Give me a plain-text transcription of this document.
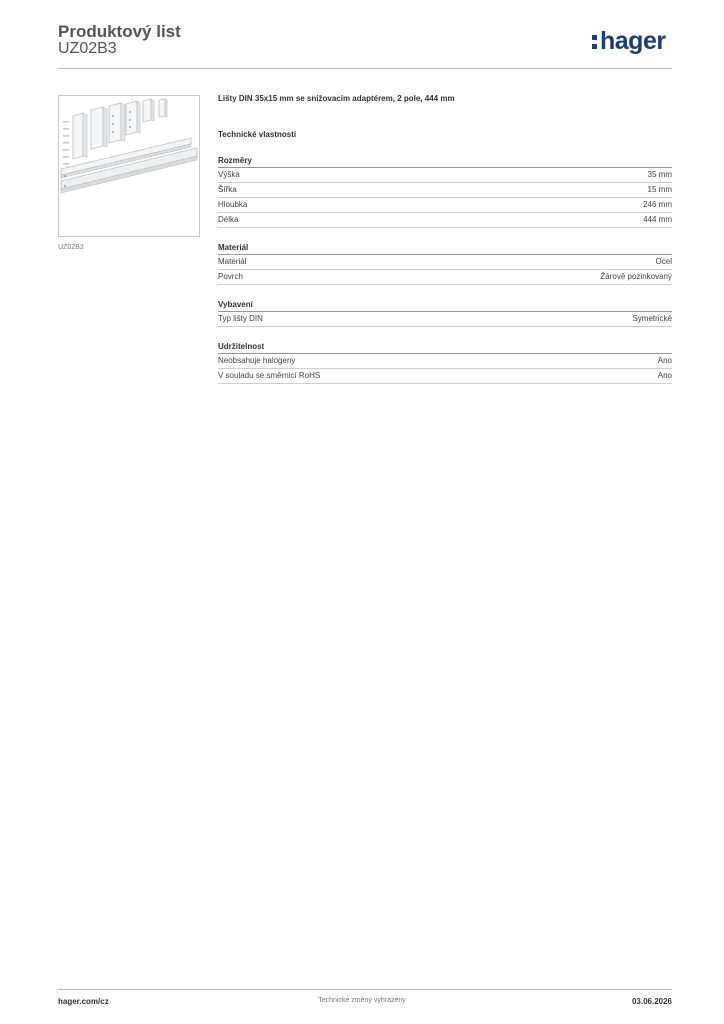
Produktový list
UZ02B3	hager
UZ02B3
Lišty DIN 35x15 mm se snižovacím adaptérem, 2 pole, 444 mm
Technické vlastnosti
Rozměry
Výška	35 mm
Šířka	15 mm
Hloubka	246 mm
Délka	444 mm
Materiál
Materiál	Ocel
Povrch	Žárově pozinkovaný
Vybavení
Typ lišty DIN	Symetrické
Udržitelnost
Neobsahuje halogeny	Ano
V souladu se směrnicí RoHS	Ano
hager.com/cz	Technické změny vyhrazeny	03.06.2026
